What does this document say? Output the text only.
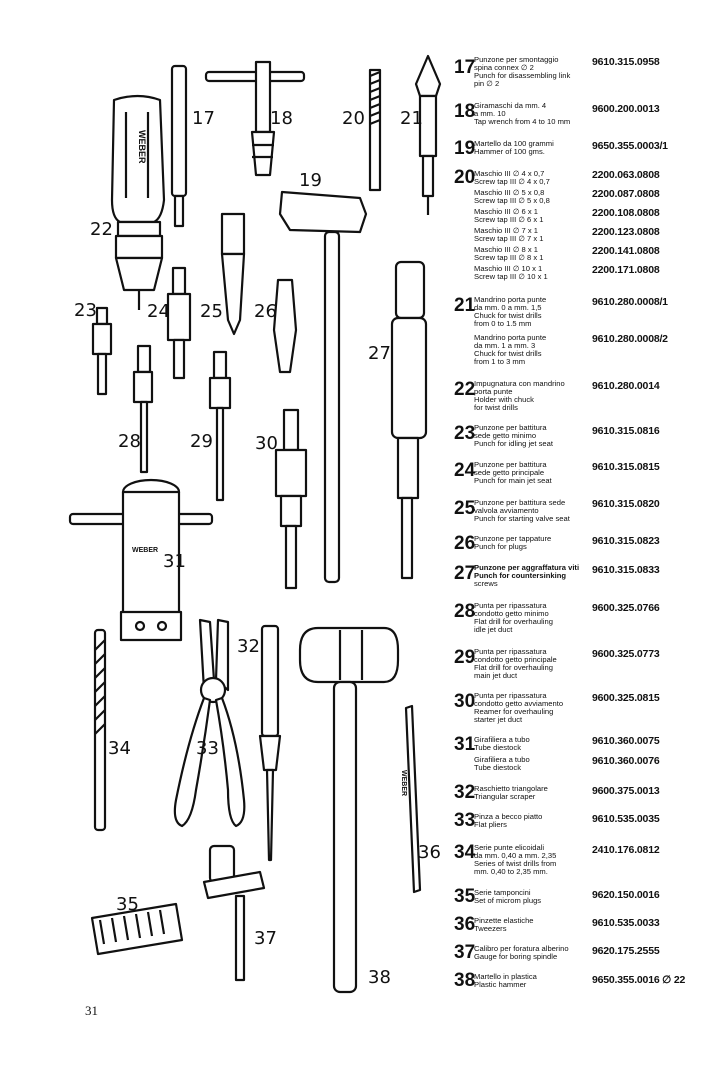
WEBER
WEBER
WEBER
17	18
19
20 21
22
23	24 25 26
27
28	29 30
31
32
33
34
35
36
37
38
17
Punzone per smontaggio
spina connex ∅ 2
Punch for disassembling link
pin ∅ 2
9610.315.0958
18
Giramaschi da mm. 4
a mm. 10
Tap wrench from 4 to 10 mm
9600.200.0013
19
Martello da 100 grammi
Hammer of 100 gms.	9650.355.0003/1
20
Maschio III ∅ 4 x 0,7
Screw tap III ∅ 4 x 0,7
2200.063.0808
Maschio III ∅ 5 x 0,8
Screw tap III ∅ 5 x 0,8
2200.087.0808
Maschio III ∅ 6 x 1
Screw tap III ∅ 6 x 1
2200.108.0808
Maschio III ∅ 7 x 1
Screw tap III ∅ 7 x 1
2200.123.0808
Maschio III ∅ 8 x 1
Screw tap III ∅ 8 x 1
2200.141.0808
Maschio III ∅ 10 x 1
Screw tap III ∅ 10 x 1
2200.171.0808
21
Mandrino porta punte
da mm. 0 a mm. 1,5
Chuck for twist drills
from 0 to 1.5 mm
9610.280.0008/1
Mandrino porta punte
da mm. 1 a mm. 3
Chuck for twist drills
from 1 to 3 mm
9610.280.0008/2
22
Impugnatura con mandrino
porta punte
Holder with chuck
for twist drills
9610.280.0014
23
Punzone per battitura
sede getto minimo
Punch for idling jet seat
9610.315.0816
24
Punzone per battitura
sede getto principale
Punch for main jet seat
9610.315.0815
25
Punzone per battitura sede
valvola avviamento
Punch for starting valve seat
9610.315.0820
26
Punzone per tappature
Punch for plugs	9610.315.0823
27
Punzone per aggraffatura viti
Punch for countersinking
screws
9610.315.0833
28
Punta per ripassatura
condotto getto minimo
Flat drill for overhauling
idle jet duct
9600.325.0766
29
Punta per ripassatura
condotto getto principale
Flat drill for overhauling
main jet duct
9600.325.0773
30
Punta per ripassatura
condotto getto avviamento
Reamer for overhauling
starter jet duct
9600.325.0815
31
Girafiliera a tubo
Tube diestock
9610.360.0075
Girafiliera a tubo
Tube diestock
9610.360.0076
32
Raschietto triangolare
Triangular scraper	9600.375.0013
33
Pinza a becco piatto
Flat pliers	9610.535.0035
34
Serie punte elicoidali
da mm. 0,40 a mm. 2,35
Series of twist drills from
mm. 0,40 to 2,35 mm.
2410.176.0812
35
Serie tamponcini
Set of microm plugs	9620.150.0016
36
Pinzette elastiche
Tweezers	9610.535.0033
37
Calibro per foratura alberino
Gauge for boring spindle	9620.175.2555
38
Martello in plastica
Plastic hammer	9650.355.0016 ∅ 22
31
